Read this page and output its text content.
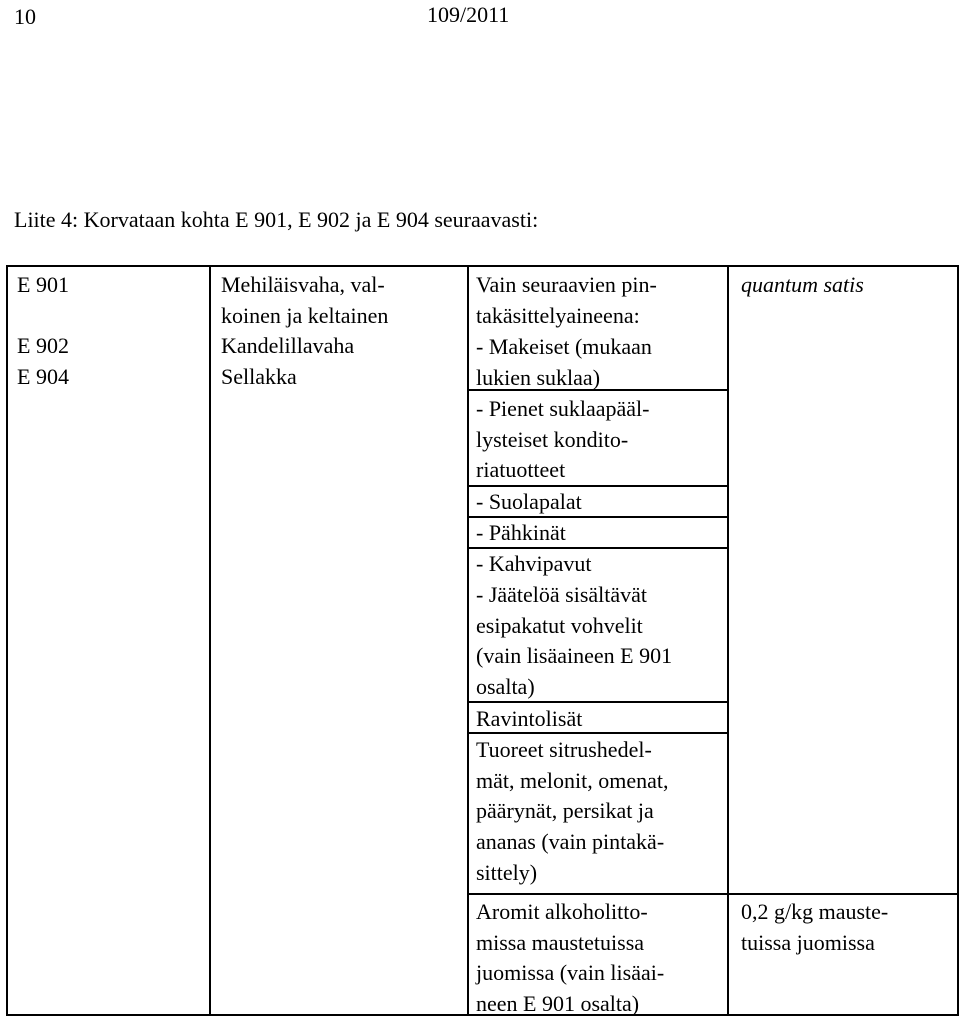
10	109/2011
Liite 4: Korvataan kohta E 901, E 902 ja E 904 seuraavasti:
E 901

E 902
E 904
Mehiläisvaha, val-
koinen ja keltainen
Kandelillavaha
Sellakka
Vain seuraavien pin-
takäsittelyaineena:
- Makeiset (mukaan
lukien suklaa)
- Pienet suklaapääl-
lysteiset kondito-
riatuotteet
- Suolapalat
- Pähkinät
- Kahvipavut
- Jäätelöä sisältävät
esipakatut vohvelit
(vain lisäaineen E 901
osalta)
Ravintolisät
Tuoreet sitrushedel-
mät, melonit, omenat,
päärynät, persikat ja
ananas (vain pintakä-
sittely)
Aromit alkoholitto-
missa maustetuissa
juomissa (vain lisäai-
neen E 901 osalta)
quantum satis
0,2 g/kg mauste-
tuissa juomissa
